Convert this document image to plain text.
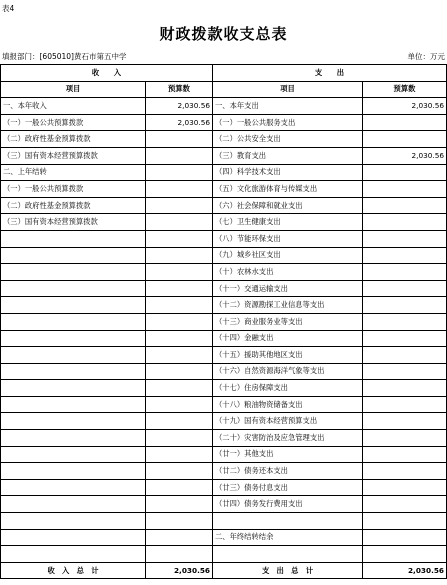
表4
财政拨款收支总表
填报部门：[605010]黄石市第五中学	单位：万元
收　　入		支　　出	
项目	预算数	项目	预算数
一、本年收入	2,030.56	一、本年支出	2,030.56
（一）一般公共预算拨款	2,030.56	（一）一般公共服务支出	
（二）政府性基金预算拨款		（二）公共安全支出	
（三）国有资本经营预算拨款		（三）教育支出	2,030.56
二、上年结转		（四）科学技术支出	
（一）一般公共预算拨款		（五）文化旅游体育与传媒支出	
（二）政府性基金预算拨款		（六）社会保障和就业支出	
（三）国有资本经营预算拨款		（七）卫生健康支出	
		（八）节能环保支出	
		（九）城乡社区支出	
		（十）农林水支出	
		（十一）交通运输支出	
		（十二）资源勘探工业信息等支出	
		（十三）商业服务业等支出	
		（十四）金融支出	
		（十五）援助其他地区支出	
		（十六）自然资源海洋气象等支出	
		（十七）住房保障支出	
		（十八）粮油物资储备支出	
		（十九）国有资本经营预算支出	
		（二十）灾害防治及应急管理支出	
		（廿一）其他支出	
		（廿二）债务还本支出	
		（廿三）债务付息支出	
		（廿四）债务发行费用支出	

		二、年终结转结余	

收　入　总　计	2,030.56	支　出　总　计	2,030.56
